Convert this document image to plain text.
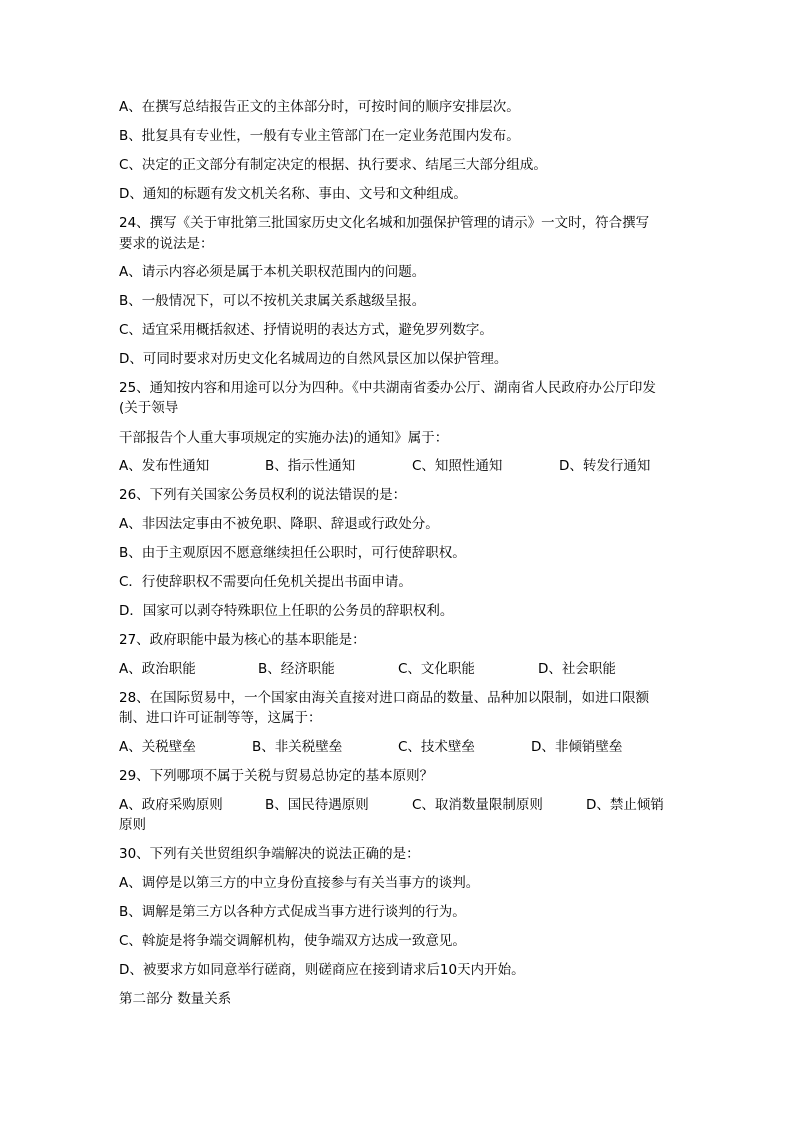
A、在撰写总结报告正文的主体部分时，可按时间的顺序安排层次。
B、批复具有专业性，一般有专业主管部门在一定业务范围内发布。
C、决定的正文部分有制定决定的根据、执行要求、结尾三大部分组成。
D、通知的标题有发文机关名称、事由、文号和文种组成。
24、撰写《关于审批第三批国家历史文化名城和加强保护管理的请示》一文时，符合撰写
要求的说法是：
A、请示内容必须是属于本机关职权范围内的问题。
B、一般情况下，可以不按机关隶属关系越级呈报。
C、适宜采用概括叙述、抒情说明的表达方式，避免罗列数字。
D、可同时要求对历史文化名城周边的自然风景区加以保护管理。
25、通知按内容和用途可以分为四种。《中共湖南省委办公厅、湖南省人民政府办公厅印发
(关于领导
干部报告个人重大事项规定的实施办法)的通知》属于：
A、发布性通知	B、指示性通知	C、知照性通知	D、转发行通知
26、下列有关国家公务员权利的说法错误的是：
A、非因法定事由不被免职、降职、辞退或行政处分。
B、由于主观原因不愿意继续担任公职时，可行使辞职权。
C．行使辞职权不需要向任免机关提出书面申请。
D．国家可以剥夺特殊职位上任职的公务员的辞职权利。
27、政府职能中最为核心的基本职能是：
A、政治职能	B、经济职能	C、文化职能	D、社会职能
28、在国际贸易中，一个国家由海关直接对进口商品的数量、品种加以限制，如进口限额
制、进口许可证制等等，这属于：
A、关税壁垒	B、非关税壁垒	C、技术壁垒	D、非倾销壁垒
29、下列哪项不属于关税与贸易总协定的基本原则？
A、政府采购原则	B、国民待遇原则	C、取消数量限制原则	D、禁止倾销
原则
30、下列有关世贸组织争端解决的说法正确的是：
A、调停是以第三方的中立身份直接参与有关当事方的谈判。
B、调解是第三方以各种方式促成当事方进行谈判的行为。
C、斡旋是将争端交调解机构，使争端双方达成一致意见。
D、被要求方如同意举行磋商，则磋商应在接到请求后10天内开始。
第二部分 数量关系
